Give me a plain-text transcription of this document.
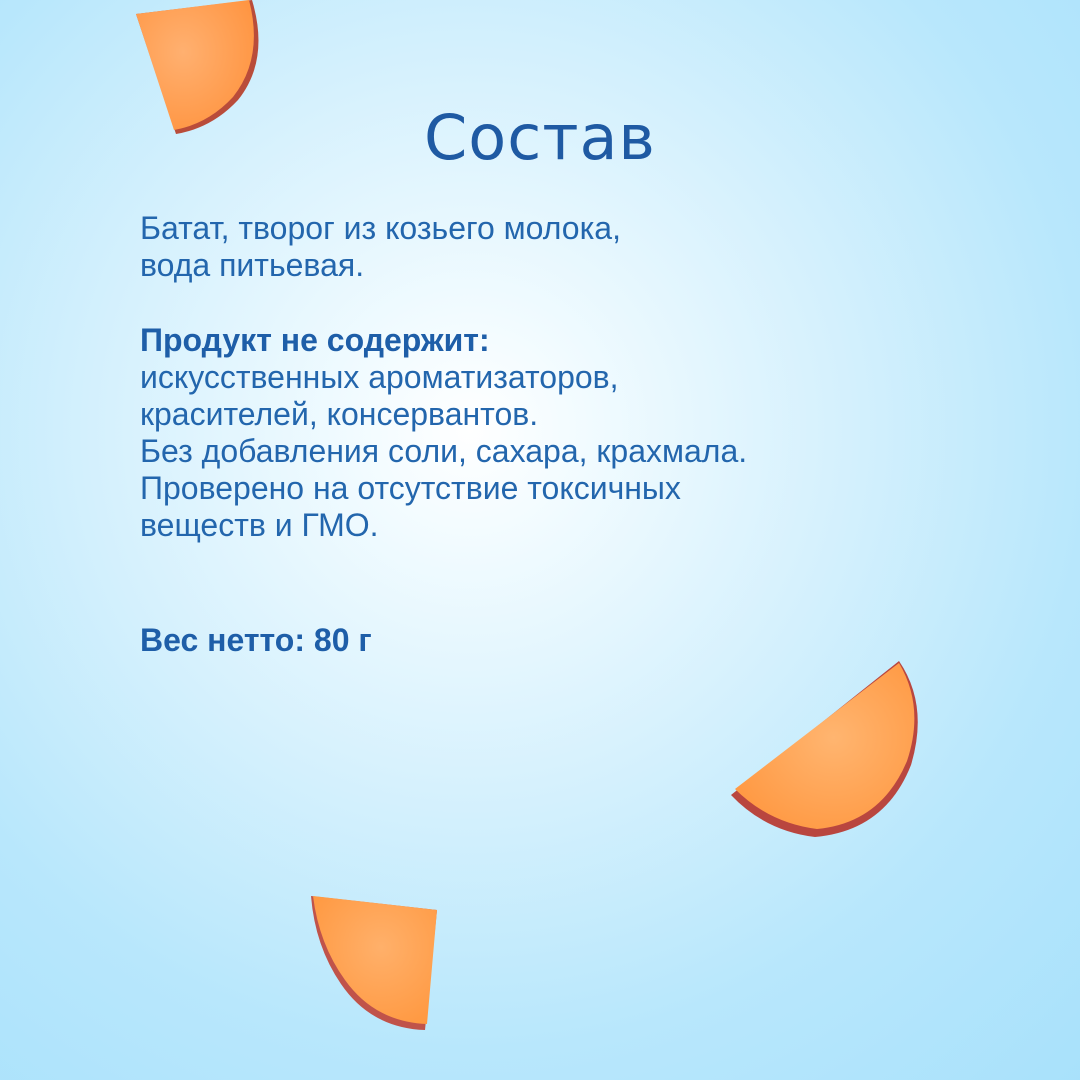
Состав
Батат, творог из козьего молока,
вода питьевая.
Продукт не содержит:
искусственных ароматизаторов,
красителей, консервантов.
Без добавления соли, сахара, крахмала.
Проверено на отсутствие токсичных
веществ и ГМО.
Вес нетто: 80 г
